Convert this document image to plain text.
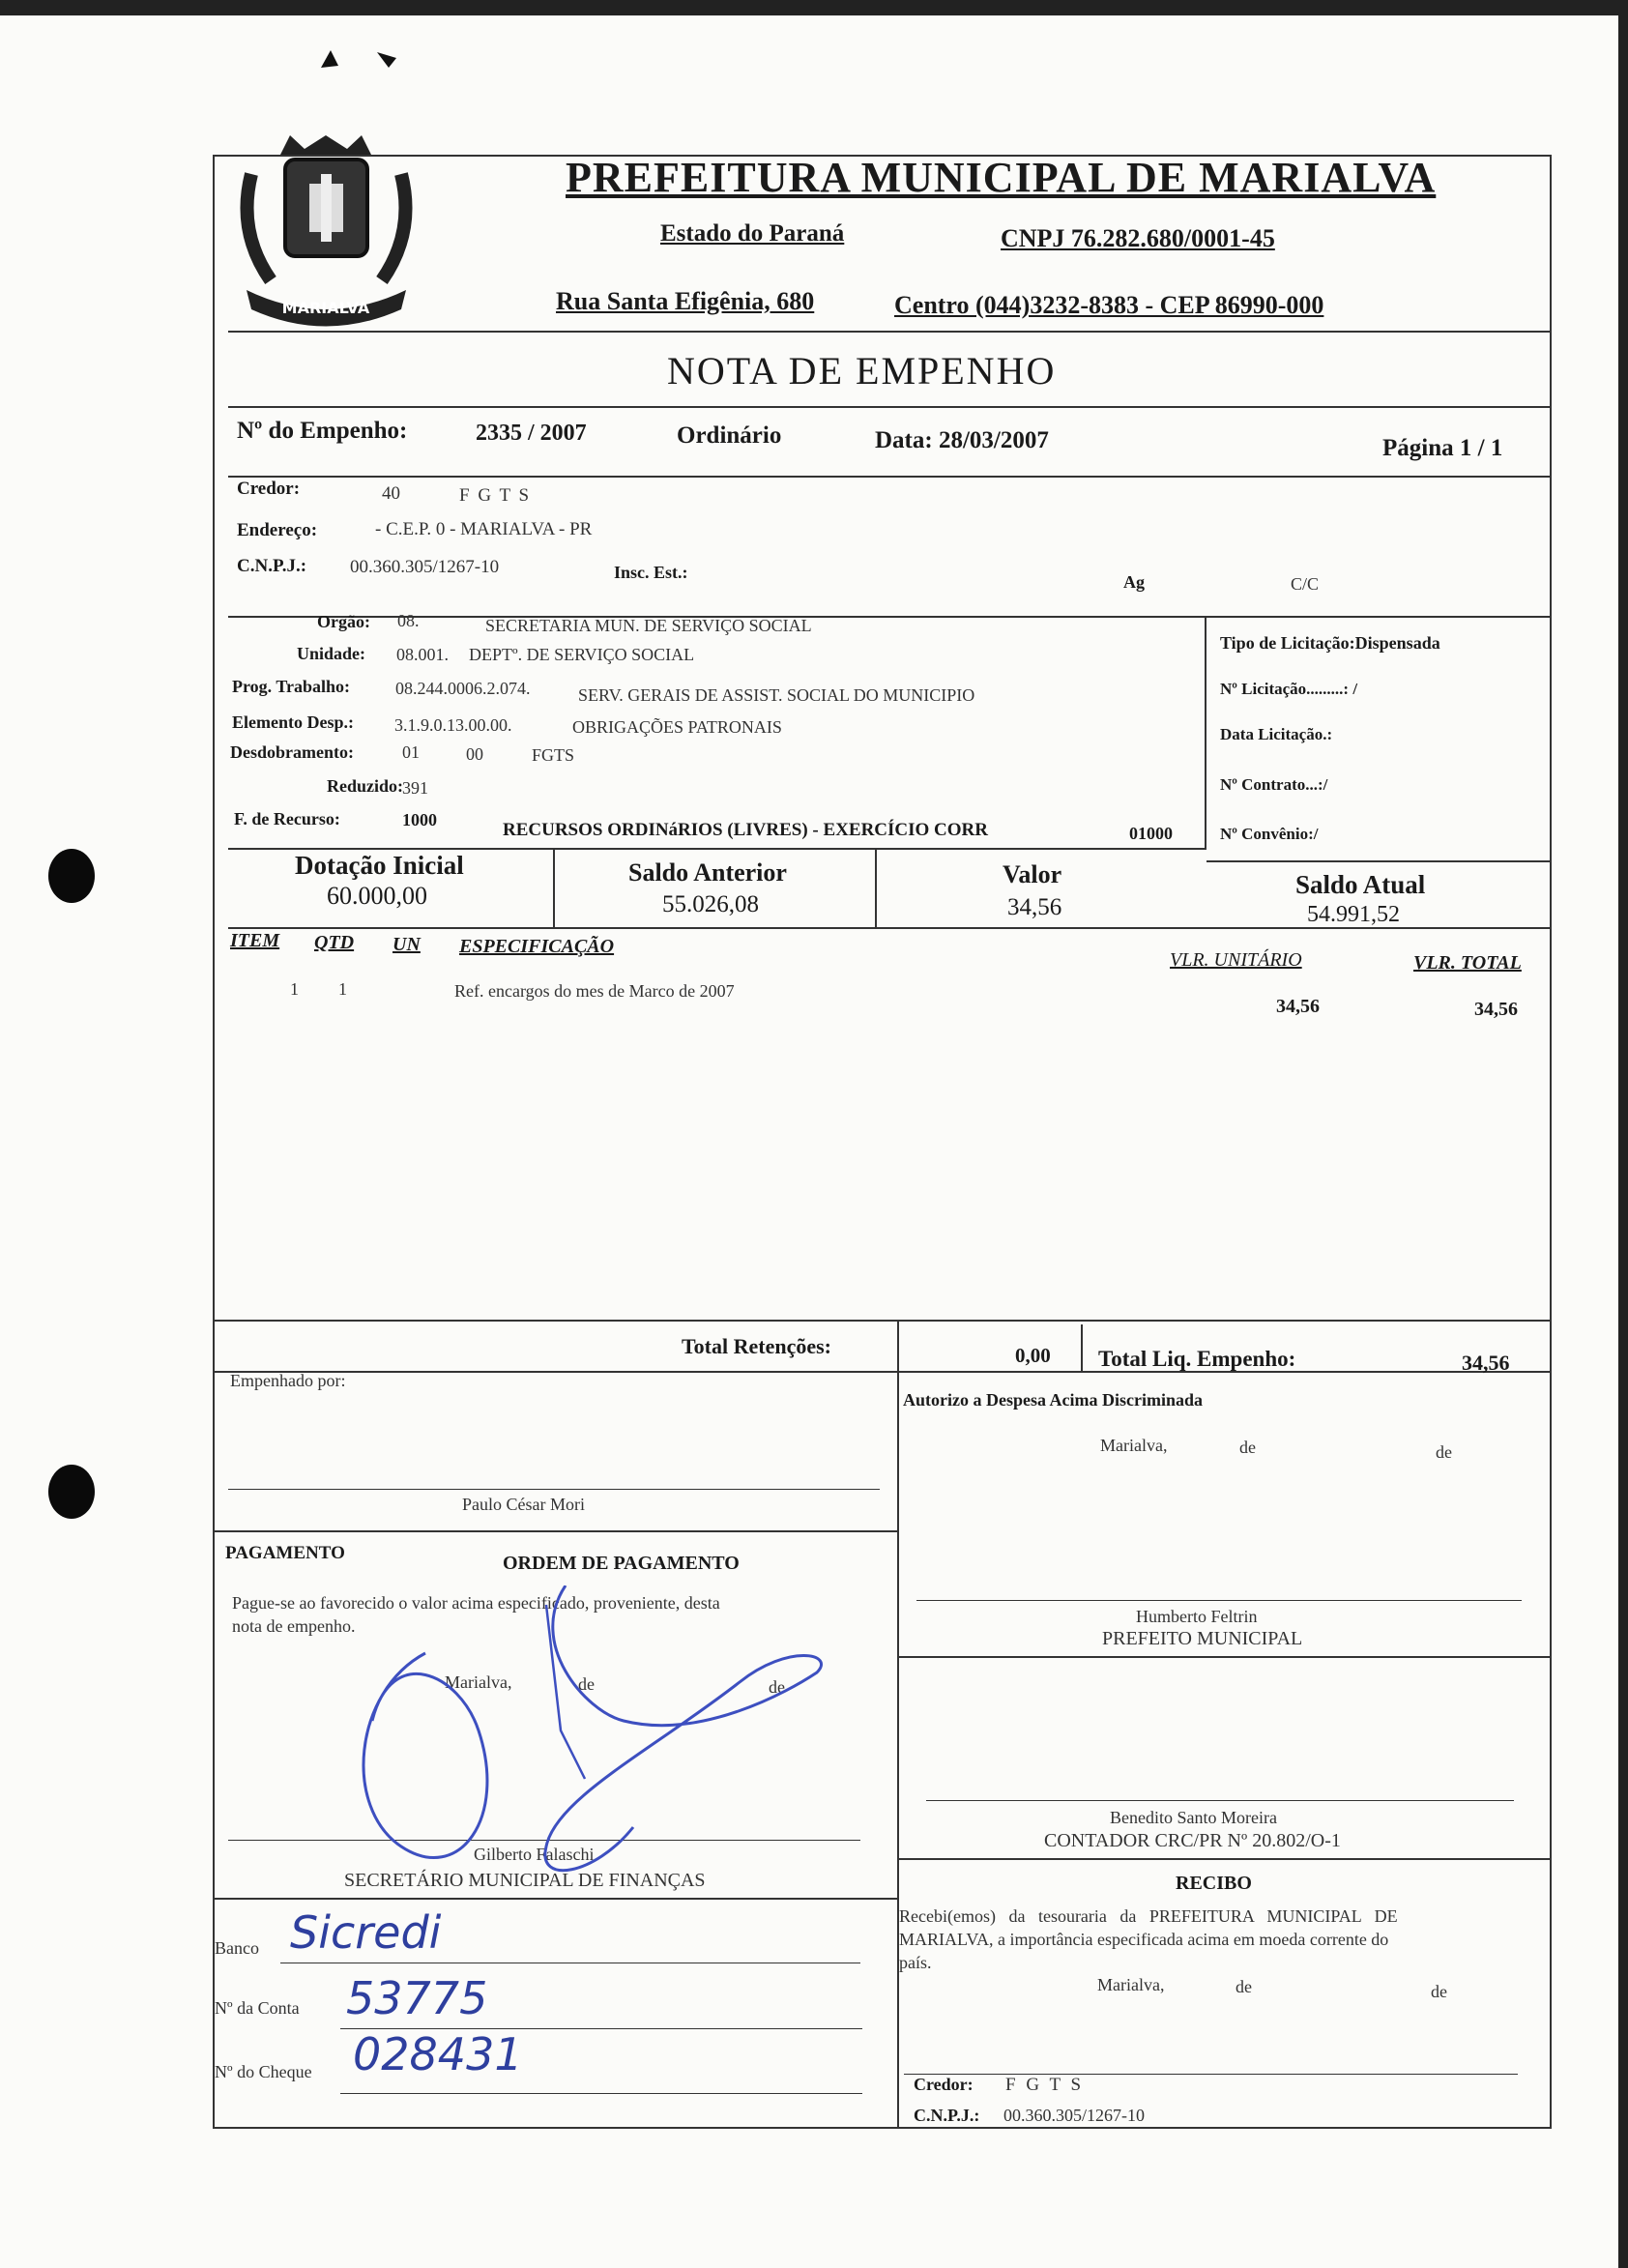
MARIALVA
PREFEITURA MUNICIPAL DE MARIALVA
Estado do Paraná	CNPJ 76.282.680/0001-45
Rua Santa Efigênia, 680	Centro (044)3232-8383 - CEP 86990-000
NOTA DE EMPENHO
Nº do Empenho:	2335 / 2007	Ordinário	Data: 28/03/2007	Página 1 / 1
Credor:	40	F G T S
Endereço:	- C.E.P. 0 - MARIALVA - PR
C.N.P.J.: 00.360.305/1267-10	Insc. Est.:	Ag	C/C
Orgão: 08.	SECRETARIA MUN. DE SERVIÇO SOCIAL
Unidade: 08.001. DEPTº. DE SERVIÇO SOCIAL
Prog. Trabalho:	08.244.0006.2.074.	SERV. GERAIS DE ASSIST. SOCIAL DO MUNICIPIO
Elemento Desp.: 3.1.9.0.13.00.00.	OBRIGAÇÕES PATRONAIS
Desdobramento:	01	00	FGTS
Reduzido:
391
F. de Recurso:	1000	RECURSOS ORDINáRIOS (LIVRES) - EXERCÍCIO CORR	01000
Tipo de Licitação:Dispensada
Nº Licitação.........: /
Data Licitação.:
Nº Contrato...:/
Nº Convênio:/
Dotação Inicial
60.000,00
Saldo Anterior
55.026,08
Valor
34,56
Saldo Atual
54.991,52
ITEM QTD UN ESPECIFICAÇÃO
VLR. UNITÁRIO	VLR. TOTAL
1 1	Ref. encargos do mes de Marco de 2007
34,56	34,56
Total Retenções:	0,00 Total Liq. Empenho:	34,56
Empenhado por:
Paulo César Mori
PAGAMENTO	ORDEM DE PAGAMENTO
Pague-se ao favorecido o valor acima especificado, proveniente, desta
nota de empenho.
Marialva,	de	de
Gilberto Falaschi
SECRETÁRIO MUNICIPAL DE FINANÇAS
Banco Sicredi
Nº da Conta 53775
Nº do Cheque 028431
Autorizo a Despesa Acima Discriminada
Marialva,	de	de
Humberto Feltrin
PREFEITO MUNICIPAL
Benedito Santo Moreira
CONTADOR CRC/PR Nº 20.802/O-1
RECIBO
Recebi(emos) da tesouraria da PREFEITURA MUNICIPAL DE
MARIALVA, a importância especificada acima em moeda corrente do
país.
Marialva,	de	de
Credor: F G T S
C.N.P.J.: 00.360.305/1267-10
